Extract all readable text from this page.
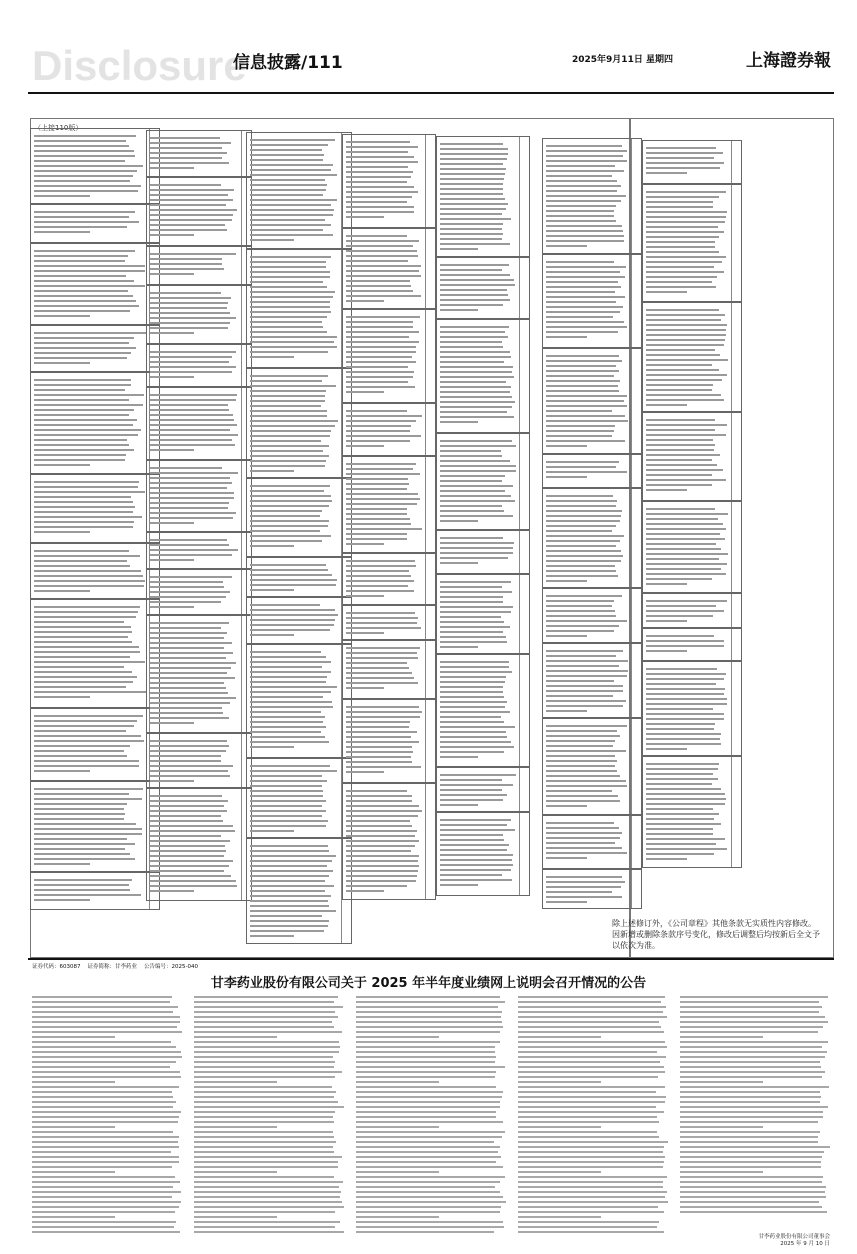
Disclosure
信息披露/111	2025年9月11日 星期四	上海證券報
（上接110版）
除上述修订外，《公司章程》其他条款无实质性内容修改。因新增或删除条款序号变化，修改后调整后均按新后全文予以依次为准。
证券代码：603087 证券简称：甘李药业 公告编号：2025-040
甘李药业股份有限公司关于 2025 年半年度业绩网上说明会召开情况的公告
甘李药业股份有限公司董事会
2025 年 9 月 10 日
